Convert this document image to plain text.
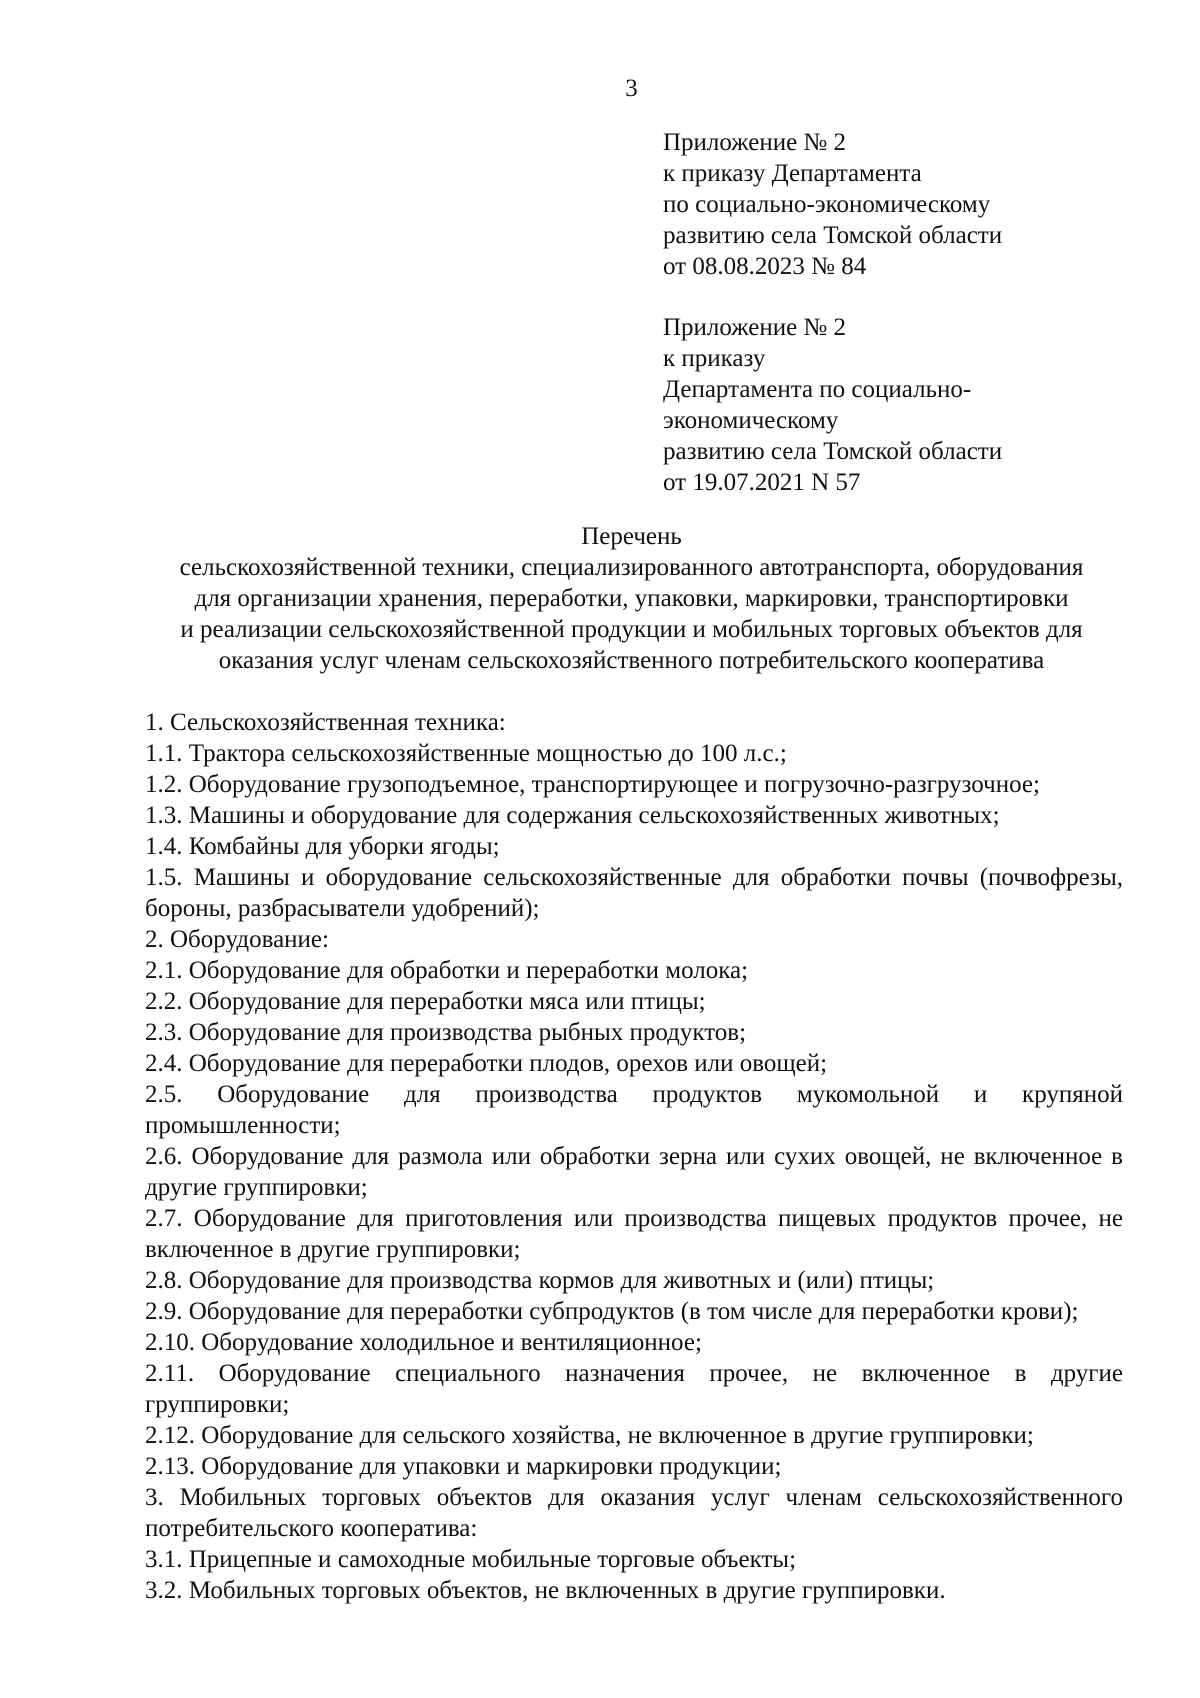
3
Приложение № 2
к приказу Департамента
по социально-экономическому
развитию села Томской области
от 08.08.2023 № 84
Приложение № 2
к приказу
Департамента по социально-
экономическому
развитию села Томской области
от 19.07.2021 N 57
Перечень
сельскохозяйственной техники, специализированного автотранспорта, оборудования
для организации хранения, переработки, упаковки, маркировки, транспортировки
и реализации сельскохозяйственной продукции и мобильных торговых объектов для
оказания услуг членам сельскохозяйственного потребительского кооператива
1. Сельскохозяйственная техника:
1.1. Трактора сельскохозяйственные мощностью до 100 л.с.;
1.2. Оборудование грузоподъемное, транспортирующее и погрузочно-разгрузочное;
1.3. Машины и оборудование для содержания сельскохозяйственных животных;
1.4. Комбайны для уборки ягоды;
1.5. Машины и оборудование сельскохозяйственные для обработки почвы (почвофрезы, бороны, разбрасыватели удобрений);
2. Оборудование:
2.1. Оборудование для обработки и переработки молока;
2.2. Оборудование для переработки мяса или птицы;
2.3. Оборудование для производства рыбных продуктов;
2.4. Оборудование для переработки плодов, орехов или овощей;
2.5. Оборудование для производства продуктов мукомольной и крупяной промышленности;
2.6. Оборудование для размола или обработки зерна или сухих овощей, не включенное в другие группировки;
2.7. Оборудование для приготовления или производства пищевых продуктов прочее, не включенное в другие группировки;
2.8. Оборудование для производства кормов для животных и (или) птицы;
2.9. Оборудование для переработки субпродуктов (в том числе для переработки крови);
2.10. Оборудование холодильное и вентиляционное;
2.11. Оборудование специального назначения прочее, не включенное в другие группировки;
2.12. Оборудование для сельского хозяйства, не включенное в другие группировки;
2.13. Оборудование для упаковки и маркировки продукции;
3. Мобильных торговых объектов для оказания услуг членам сельскохозяйственного потребительского кооператива:
3.1. Прицепные и самоходные мобильные торговые объекты;
3.2. Мобильных торговых объектов, не включенных в другие группировки.
